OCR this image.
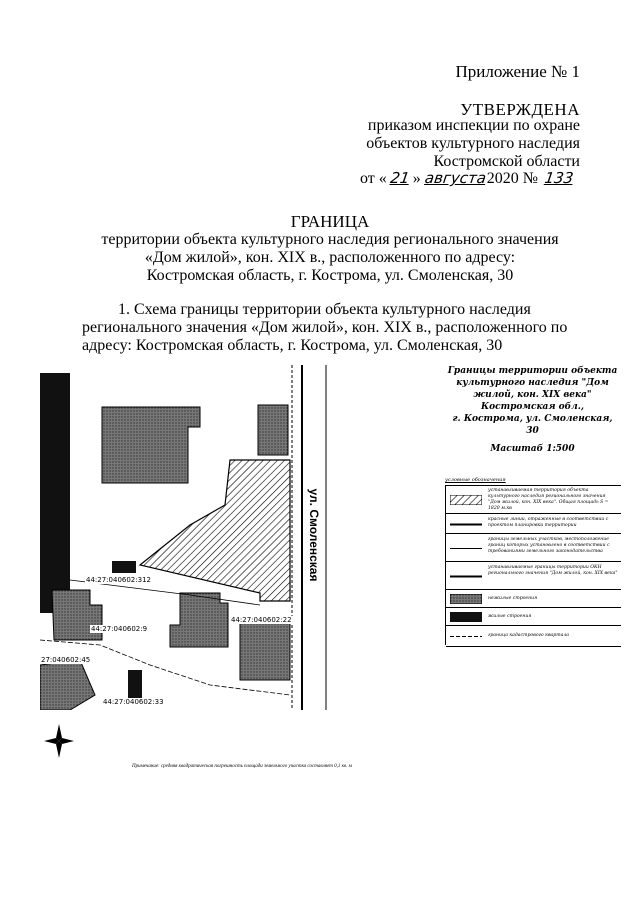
Приложение № 1
УТВЕРЖДЕНА
приказом инспекции по охране
объектов культурного наследия
Костромской области
от « 21 » августа 2020 № 133
ГРАНИЦА
территории объекта культурного наследия регионального значения
«Дом жилой», кон. XIX в., расположенного по адресу:
Костромская область, г. Кострома, ул. Смоленская, 30
1. Схема границы территории объекта культурного наследия
регионального значения «Дом жилой», кон. XIX в., расположенного по
адресу: Костромская область, г. Кострома, ул. Смоленская, 30
ул. Смоленская
44:27:040602:312
44:27:040602:9
44:27:040602:22
27:040602:45
44:27:040602:33
Примечание: средняя квадратическая погрешность площади земельного участка составляет 0,1 кв. м
Границы территории объекта
культурного наследия "Дом
жилой, кон. XIX века"
Костромская обл.,
г. Кострома, ул. Смоленская, 30
Масштаб 1:500
условные обозначения
устанавливаемая территория объекта культурного наследия регионального значения "Дом жилой, кон. XIX века". Общая площадь S = 1820 м.кв
красные линии, отраженные в соответствии с проектом планировки территории
границы земельных участков, местоположение границ которых установлено в соответствии с требованиями земельного законодательства
устанавливаемые границы территории ОКН регионального значения "Дом жилой, кон. XIX века"
нежилые строения
жилые строения
граница кадастрового квартала
